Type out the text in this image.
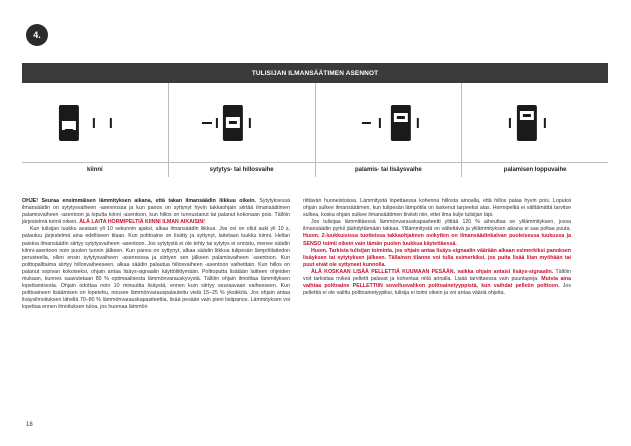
4.
TULISIJAN ILMANSÄÄTIMEN ASENNOT
kiinni	sytytys- tai hillosvaihe	palamis- tai lisäysvaihe	palamisen loppuvaihe

OHJE! Seuraa ensimmäisen lämmityksen aikana, että takan ilmansäädin liikkuu oikein. Sytytyksessä ilmansäädin on sytytysvaiheen -asennossa ja kun panos on syttynyt hyvin takkaohjain siirtää ilmansäätimen palamisvaiheen -asentoon ja lopulta kiinni -asentoon, kun hillos on tunnustanut tai palanut kokonaan pois. Tällöin järjestelmä toimii oikein. ÄLÄ LAITA HORMIPELTIÄ KIINNI ILMAN AIKAISIN!

Kun tulisijan luukku avataan yli 10 sekunnin ajaksi, alkaa ilmansäädin liikkua. Jos ovi on ollut auki yli 10 s, palautuu järjestelmä aina edelliseen tilaan. Kun polttoaine on lisätty ja syttynyt, laitetaan luukku kiinni. Hellan paistoa ilmansäädin siirtyy sytytysvaiheen -asentoon. Jos sytytystä ei ole tehty tai sytytys ei onnistu, menee säädin kiinni-asentoon noin puolen tunnin jälkeen. Kun panos on syttynyt, alkaa säädin liikkua tulipesän lämpötilatiedon perusteella, ollen ensin sytytysvaiheen -asennossa ja siirtyen sen jälkeen palamisvaiheen -asentoon. Kun polttopalttaima siirtyy hillosvaiheeseen, alkaa säädin palautua hillosvaiheen -asentoon vaiheittain. Kun hillos on palanut sopivan kokoiseksi, ohjain antaa lisäys-signaalin käyttöliittymään. Polttoputta lisätään laitteen ohjeiden mukaan, kunnes saavutetaan 80 % optimaalisesta lämmönvarauskyvystä. Tällöin ohjain ilmoittaa lämmityksen lopettamisesta. Ohjain odottaa noin 10 minuuttia lisäystä, ennen kuin siirtyy seuraavaan vaiheeseen. Kun polttoaineen lisäämisen on lopetettu, nousee lämmönvarauspalautettu vielä 15–25 % yksikköä. Jos ohjain antaa lisäysilmoituksen lähellä 70–80 % lämmönvarauskapasiteettia, lisää pesään vain pieni lisäpanos. Lämmityksen voi lopettaa ennen ilmoituksen tuloa, jos huomaa lämmön

riittävän huoneistoissa. Lämmitystä lopettaessa kohenna hillosta ainoalla, että hillos palaa hyvin pois. Lopuksi ohjain sulkee ilmansäätimen, kun tulipesän lämpötila on laskenut tarpeeksi alas. Hormipeltiä ei välttämättä tarvitse sulkea, koska ohjain sulkee ilmansäätimen tiiviisti niin, ettei ilma kulje tulisijan läpi.

Jos tulisijaa lämmittäessä lämmönvarauskapasiteetti ylittää 120 % aiheuttaa se ylilämmityksen, jossa ilmansäädin pyrkii jäähdyttämään takkaa. Ylilämmitystä on vältettävä ja ylilämmityksen aikana ei saa poltaa puuta. Huom. 2-luukkuisissa tuotteissa takkaohjaimen ovikytkin on ilmansäädinkalvan puoleisessa luukussa ja SENSO toimii oikein vain tämän puolen luukkua käytettäessä.

Huom. Tarkista tulisijan toiminta, jos ohjain antaa lisäys-signaalin väärään aikaan esimerkiksi panoksen lisäyksen tai sytytyksen jälkeen. Tällainen tilanne voi tulla esimerkiksi, jos puita lisää liian myöhään tai puut eivät ole syttyneet kunnolla.

ÄLÄ KOSKAAN LISÄÄ PELLETTIÄ KUUMAAN PESÄÄN, vaikka ohjain antaisi lisäys-signaalin. Tällöin voit tarkistaa mikeä pelletit palavat ja kohentaa niitä arinalla. Lisää tarvittaessa vain puunlapeja. Muista aina vaihtaa polttoaine PELLETTIIN sovellusvalikon polttoainetyyppistä, kun vaihdat pelletin polttoon. Jos pellettiä ei ole valittu polttoainetyypiksi, tulisija ei toimi oikein ja voi antaa vääriä ohjeita.

18
